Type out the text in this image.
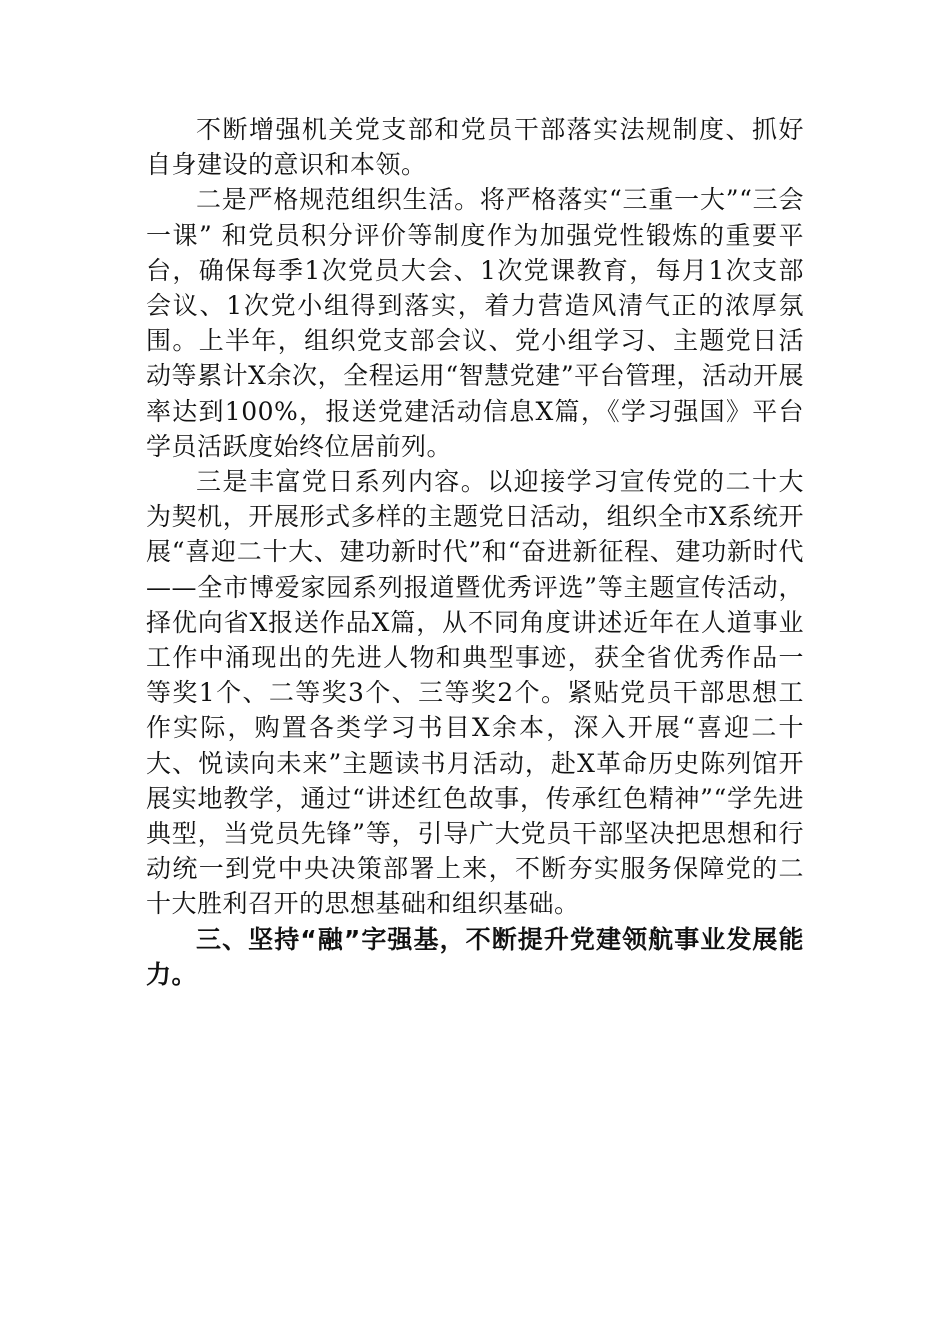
不断增强机关党支部和党员干部落实法规制度、抓好自身建设的意识和本领。

二是严格规范组织生活。将严格落实“三重一大”“三会一课” 和党员积分评价等制度作为加强党性锻炼的重要平台，确保每季1次党员大会、1次党课教育，每月1次支部会议、1次党小组得到落实，着力营造风清气正的浓厚氛围。上半年，组织党支部会议、党小组学习、主题党日活动等累计X余次，全程运用“智慧党建”平台管理，活动开展率达到100%，报送党建活动信息X篇，《学习强国》平台学员活跃度始终位居前列。

三是丰富党日系列内容。以迎接学习宣传党的二十大为契机，开展形式多样的主题党日活动，组织全市X系统开展“喜迎二十大、建功新时代”和“奋进新征程、建功新时代——全市博爱家园系列报道暨优秀评选”等主题宣传活动，择优向省X报送作品X篇，从不同角度讲述近年在人道事业工作中涌现出的先进人物和典型事迹，获全省优秀作品一等奖1个、二等奖3个、三等奖2个。紧贴党员干部思想工作实际，购置各类学习书目X余本，深入开展“喜迎二十大、悦读向未来”主题读书月活动，赴X革命历史陈列馆开展实地教学，通过“讲述红色故事，传承红色精神”“学先进典型，当党员先锋”等，引导广大党员干部坚决把思想和行动统一到党中央决策部署上来，不断夯实服务保障党的二十大胜利召开的思想基础和组织基础。

三、坚持“融”字强基，不断提升党建领航事业发展能力。
